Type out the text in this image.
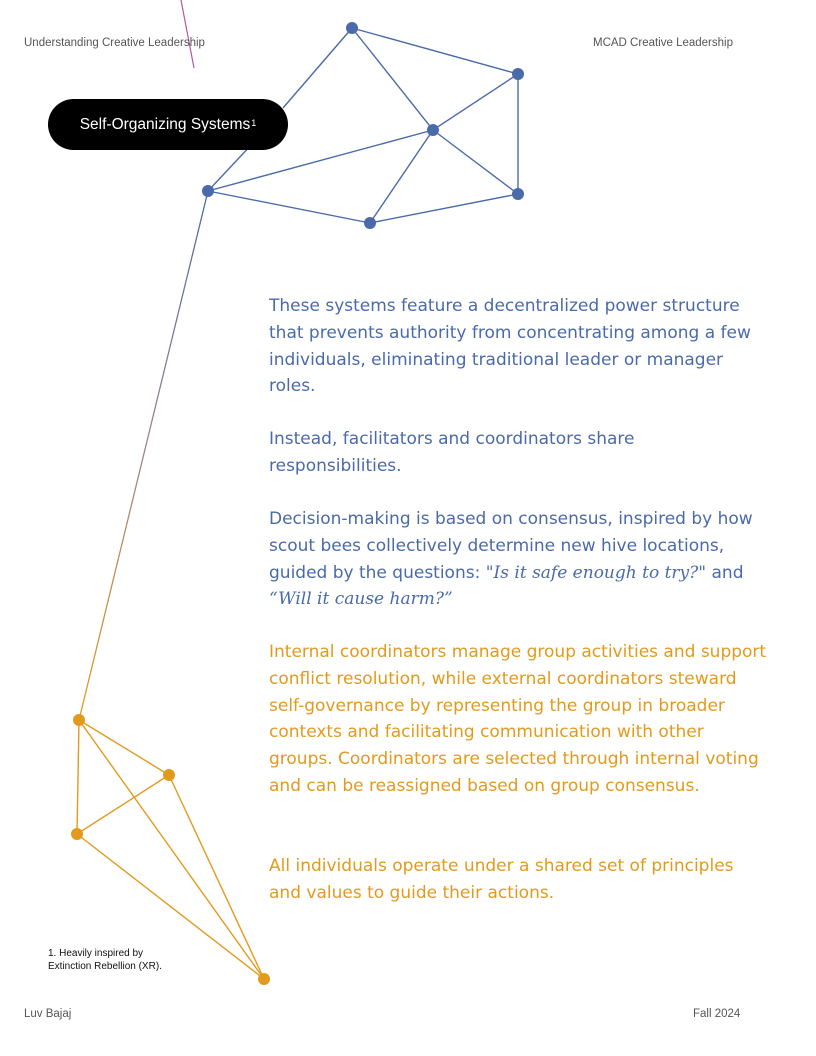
Understanding Creative Leadership	MCAD Creative Leadership
Self-Organizing Systems$^1$

These systems feature a decentralized power structure that prevents authority from concentrating among a few individuals, eliminating traditional leader or manager roles.

Instead, facilitators and coordinators share responsibilities.

Decision-making is based on consensus, inspired by how scout bees collectively determine new hive locations, guided by the questions: "Is it safe enough to try?" and “Will it cause harm?”

Internal coordinators manage group activities and support conflict resolution, while external coordinators steward self-governance by representing the group in broader contexts and facilitating communication with other groups. Coordinators are selected through internal voting and can be reassigned based on group consensus.

All individuals operate under a shared set of principles and values to guide their actions.

1. Heavily inspired by
Extinction Rebellion (XR).
Luv Bajaj	Fall 2024
